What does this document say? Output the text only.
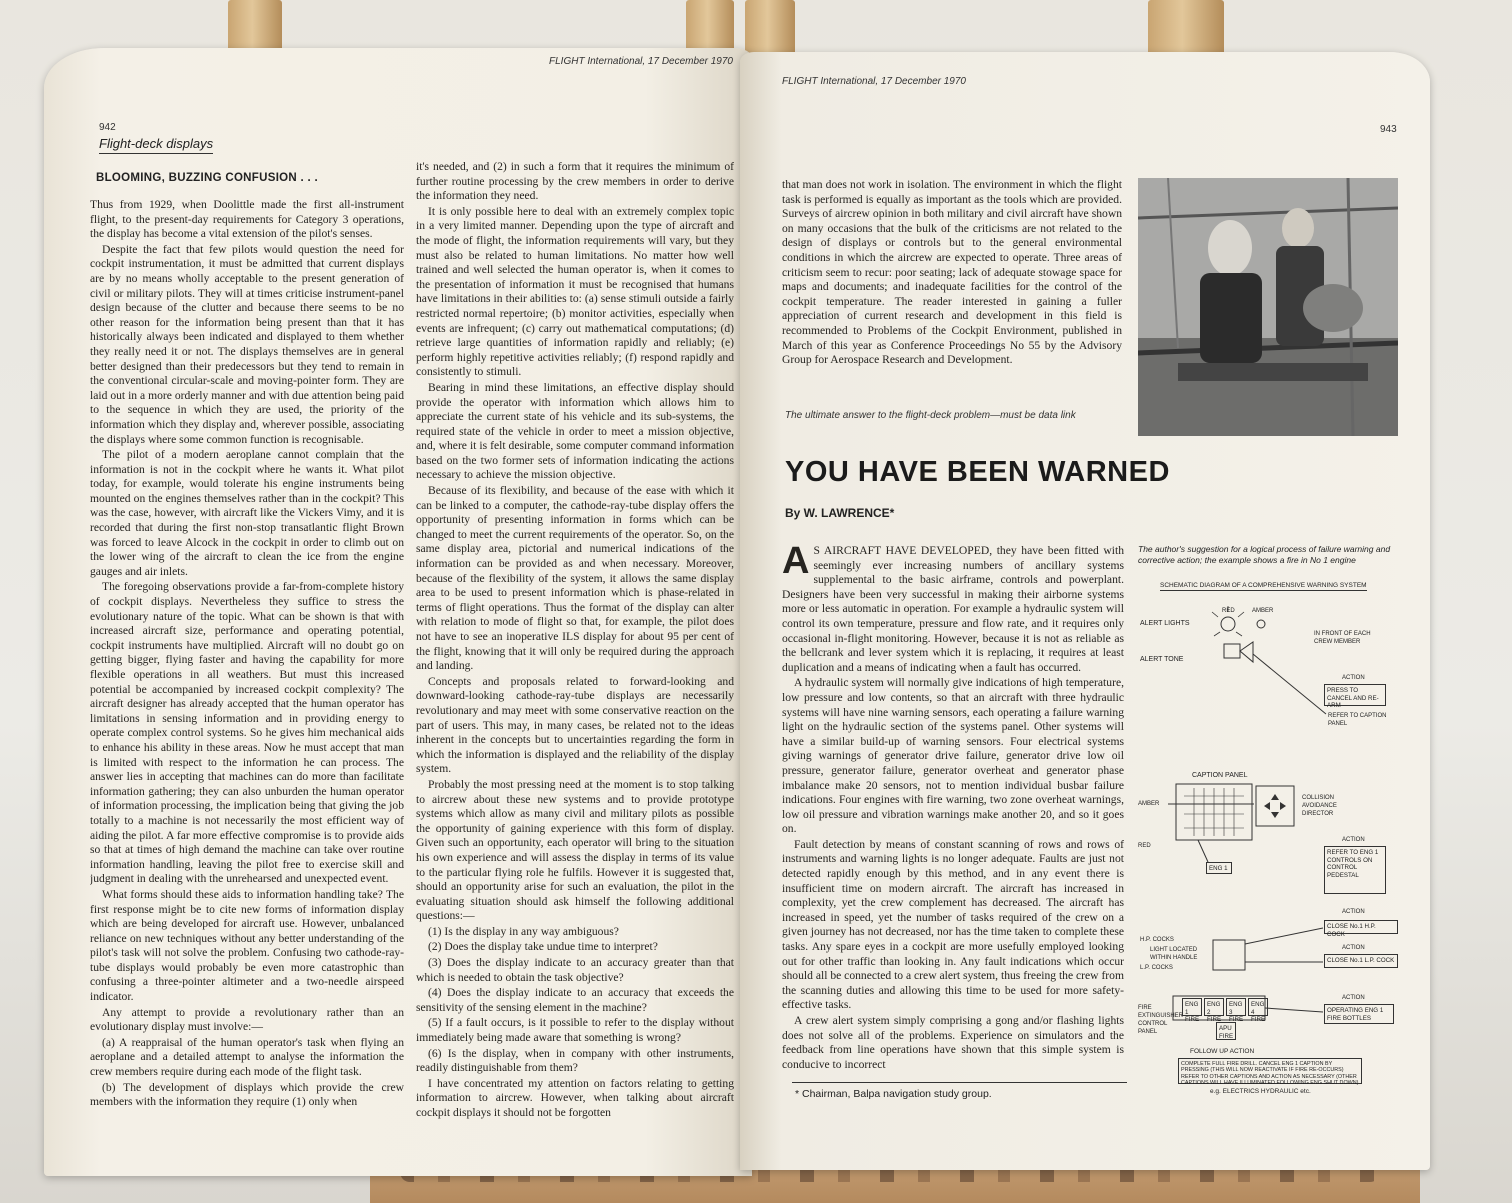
FLIGHT International, 17 December 1970
942
Flight-deck displays
BLOOMING, BUZZING CONFUSION . . .

Thus from 1929, when Doolittle made the first all-instrument flight, to the present-day requirements for Category 3 operations, the display has become a vital extension of the pilot's senses.

Despite the fact that few pilots would question the need for cockpit instrumentation, it must be admitted that current displays are by no means wholly acceptable to the present generation of civil or military pilots. They will at times criticise instrument-panel design because of the clutter and because there seems to be no other reason for the information being present than that it has historically always been indicated and displayed to them whether they really need it or not. The displays themselves are in general better designed than their predecessors but they tend to remain in the conventional circular-scale and moving-pointer form. They are laid out in a more orderly manner and with due attention being paid to the sequence in which they are used, the priority of the information which they display and, wherever possible, associating the displays where some common function is recognisable.

The pilot of a modern aeroplane cannot complain that the information is not in the cockpit where he wants it. What pilot today, for example, would tolerate his engine instruments being mounted on the engines themselves rather than in the cockpit? This was the case, however, with aircraft like the Vickers Vimy, and it is recorded that during the first non-stop transatlantic flight Brown was forced to leave Alcock in the cockpit in order to climb out on the lower wing of the aircraft to clean the ice from the engine gauges and air inlets.

The foregoing observations provide a far-from-complete history of cockpit displays. Nevertheless they suffice to stress the evolutionary nature of the topic. What can be shown is that with increased aircraft size, performance and operating potential, cockpit instruments have multiplied. Aircraft will no doubt go on getting bigger, flying faster and having the capability for more flexible operations in all weathers. But must this increased potential be accompanied by increased cockpit complexity? The aircraft designer has already accepted that the human operator has limitations in sensing information and in providing energy to operate complex control systems. So he gives him mechanical aids to enhance his ability in these areas. Now he must accept that man is limited with respect to the information he can process. The answer lies in accepting that machines can do more than facilitate information gathering; they can also unburden the human operator of information processing, the implication being that giving the job totally to a machine is not necessarily the most efficient way of aiding the pilot. A far more effective compromise is to provide aids so that at times of high demand the machine can take over routine information handling, leaving the pilot free to exercise skill and judgment in dealing with the unrehearsed and unexpected event.

What forms should these aids to information handling take? The first response might be to cite new forms of information display which are being developed for aircraft use. However, unbalanced reliance on new techniques without any better understanding of the pilot's task will not solve the problem. Confusing two cathode-ray-tube displays would probably be even more catastrophic than confusing a three-pointer altimeter and a two-needle airspeed indicator.

Any attempt to provide a revolutionary rather than an evolutionary display must involve:—

(a) A reappraisal of the human operator's task when flying an aeroplane and a detailed attempt to analyse the information the crew members require during each mode of the flight task.

(b) The development of displays which provide the crew members with the information they require (1) only when

it's needed, and (2) in such a form that it requires the minimum of further routine processing by the crew members in order to derive the information they need.

It is only possible here to deal with an extremely complex topic in a very limited manner. Depending upon the type of aircraft and the mode of flight, the information requirements will vary, but they must also be related to human limitations. No matter how well trained and well selected the human operator is, when it comes to the presentation of information it must be recognised that humans have limitations in their abilities to: (a) sense stimuli outside a fairly restricted normal repertoire; (b) monitor activities, especially when events are infrequent; (c) carry out mathematical computations; (d) retrieve large quantities of information rapidly and reliably; (e) perform highly repetitive activities reliably; (f) respond rapidly and consistently to stimuli.

Bearing in mind these limitations, an effective display should provide the operator with information which allows him to appreciate the current state of his vehicle and its sub-systems, the required state of the vehicle in order to meet a mission objective, and, where it is felt desirable, some computer command information based on the two former sets of information indicating the actions necessary to achieve the mission objective.

Because of its flexibility, and because of the ease with which it can be linked to a computer, the cathode-ray-tube display offers the opportunity of presenting information in forms which can be changed to meet the current requirements of the operator. So, on the same display area, pictorial and numerical indications of the information can be provided as and when necessary. Moreover, because of the flexibility of the system, it allows the same display area to be used to present information which is phase-related in terms of flight operations. Thus the format of the display can alter with relation to mode of flight so that, for example, the pilot does not have to see an inoperative ILS display for about 95 per cent of the flight, knowing that it will only be required during the approach and landing.

Concepts and proposals related to forward-looking and downward-looking cathode-ray-tube displays are necessarily revolutionary and may meet with some conservative reaction on the part of users. This may, in many cases, be related not to the ideas inherent in the concepts but to uncertainties regarding the form in which the information is displayed and the reliability of the display system.

Probably the most pressing need at the moment is to stop talking to aircrew about these new systems and to provide prototype systems which allow as many civil and military pilots as possible the opportunity of gaining experience with this form of display. Given such an opportunity, each operator will bring to the situation his own experience and will assess the display in terms of its value to the particular flying role he fulfils. However it is suggested that, should an opportunity arise for such an evaluation, the pilot in the evaluating situation should ask himself the following additional questions:—

(1) Is the display in any way ambiguous?

(2) Does the display take undue time to interpret?

(3) Does the display indicate to an accuracy greater than that which is needed to obtain the task objective?

(4) Does the display indicate to an accuracy that exceeds the sensitivity of the sensing element in the machine?

(5) If a fault occurs, is it possible to refer to the display without immediately being made aware that something is wrong?

(6) Is the display, when in company with other instruments, readily distinguishable from them?

I have concentrated my attention on factors relating to getting information to aircrew. However, when talking about aircraft cockpit displays it should not be forgotten

FLIGHT International, 17 December 1970
943

that man does not work in isolation. The environment in which the flight task is performed is equally as important as the tools which are provided. Surveys of aircrew opinion in both military and civil aircraft have shown on many occasions that the bulk of the criticisms are not related to the design of displays or controls but to the general environmental conditions in which the aircrew are expected to operate. Three areas of criticism seem to recur: poor seating; lack of adequate stowage space for maps and documents; and inadequate facilities for the control of the cockpit temperature. The reader interested in gaining a fuller appreciation of current research and development in this field is recommended to Problems of the Cockpit Environment, published in March of this year as Conference Proceedings No 55 by the Advisory Group for Aerospace Research and Development.

The ultimate answer to the flight-deck problem—must be data link
YOU HAVE BEEN WARNED
By W. LAWRENCE*

A S AIRCRAFT HAVE DEVELOPED, they have been fitted with seemingly ever increasing numbers of ancillary systems supplemental to the basic airframe, controls and powerplant. Designers have been very successful in making their airborne systems more or less automatic in operation. For example a hydraulic system will control its own temperature, pressure and flow rate, and it requires only occasional in-flight monitoring. However, because it is not as reliable as the bellcrank and lever system which it is replacing, it requires at least duplication and a means of indicating when a fault has occurred.

A hydraulic system will normally give indications of high temperature, low pressure and low contents, so that an aircraft with three hydraulic systems will have nine warning sensors, each operating a failure warning light on the hydraulic section of the systems panel. Other systems will have a similar build-up of warning sensors. Four electrical systems giving warnings of generator drive failure, generator drive low oil pressure, generator failure, generator overheat and generator phase imbalance make 20 sensors, not to mention individual busbar failure indications. Four engines with fire warning, two zone overheat warnings, low oil pressure and vibration warnings make another 20, and so it goes on.

Fault detection by means of constant scanning of rows and rows of instruments and warning lights is no longer adequate. Faults are just not detected rapidly enough by this method, and in any event there is insufficient time on modern aircraft. The aircraft has increased in complexity, yet the crew complement has decreased. The aircraft has increased in speed, yet the number of tasks required of the crew on a given journey has not decreased, nor has the time taken to complete these tasks. Any spare eyes in a cockpit are more usefully employed looking out for other traffic than looking in. Any fault indications which occur should all be connected to a crew alert system, thus freeing the crew from the scanning duties and allowing this time to be used for more safety-effective tasks.

A crew alert system simply comprising a gong and/or flashing lights does not solve all of the problems. Experience on simulators and the feedback from line operations have shown that this simple system is conducive to incorrect

* Chairman, Balpa navigation study group.
The author's suggestion for a logical process of failure warning and corrective action; the example shows a fire in No 1 engine
SCHEMATIC DIAGRAM OF A COMPREHENSIVE WARNING SYSTEM
ALERT LIGHTS
RED	AMBER
IN FRONT OF EACH CREW MEMBER
ALERT TONE
ACTION
PRESS TO CANCEL AND RE-ARM
REFER TO CAPTION PANEL
CAPTION PANEL
AMBER
RED
COLLISION AVOIDANCE DIRECTOR
ENG 1
ACTION
REFER TO ENG 1 CONTROLS ON CONTROL PEDESTAL
ACTION
CLOSE No.1 H.P. COCK
H.P. COCKS
LIGHT LOCATED WITHIN HANDLE
L.P. COCKS
ACTION
CLOSE No.1 L.P. COCK
FIRE EXTINGUISHER CONTROL PANEL
ENG 1 FIRE
ENG 2 FIRE
ENG 3 FIRE
ENG 4 FIRE
APU FIRE
ACTION
OPERATING ENG 1 FIRE BOTTLES
FOLLOW UP ACTION
COMPLETE FULL FIRE DRILL. CANCEL ENG 1 CAPTION BY PRESSING (THIS WILL NOW REACTIVATE IF FIRE RE-OCCURS) REFER TO OTHER CAPTIONS AND ACTION AS NECESSARY (OTHER CAPTIONS WILL HAVE ILLUMINATED FOLLOWING ENG SHUT DOWN)
e.g. ELECTRICS HYDRAULIC etc.
